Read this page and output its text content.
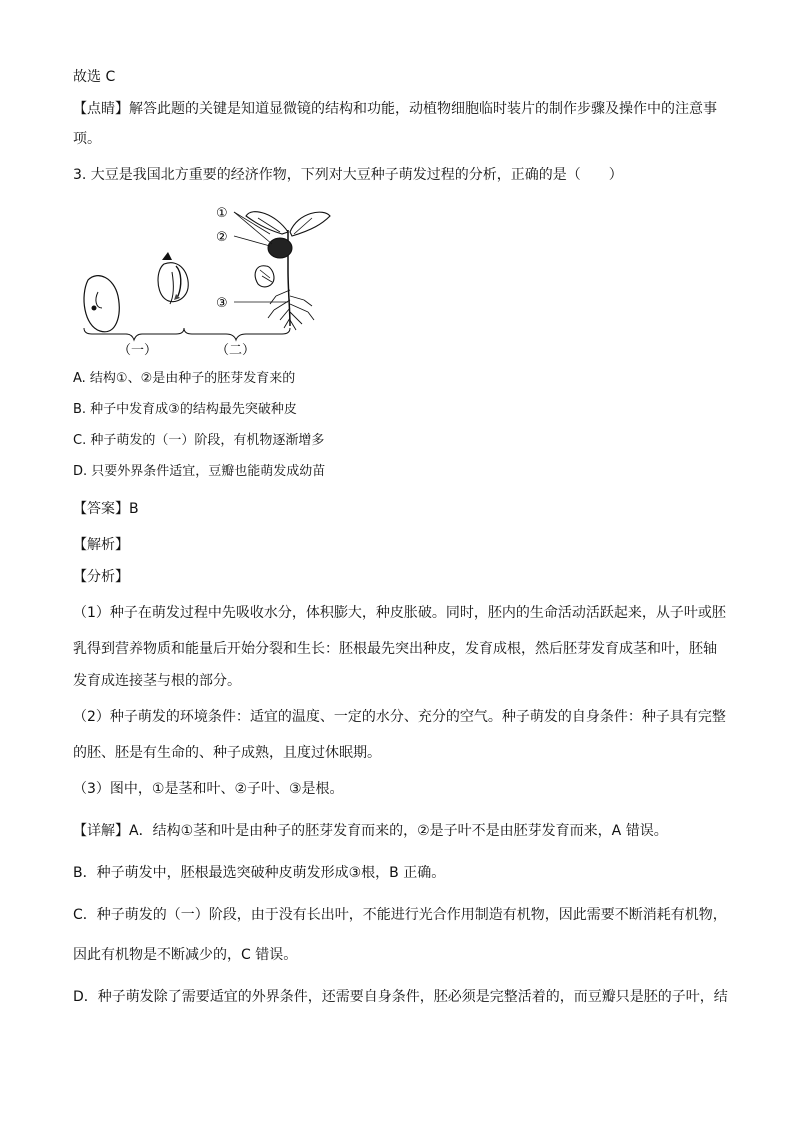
故选 C
【点睛】解答此题的关键是知道显微镜的结构和功能，动植物细胞临时装片的制作步骤及操作中的注意事
项。
3. 大豆是我国北方重要的经济作物，下列对大豆种子萌发过程的分析，正确的是（　　）
①
②
③
（一）	（二）
A. 结构①、②是由种子的胚芽发育来的
B. 种子中发育成③的结构最先突破种皮
C. 种子萌发的（一）阶段，有机物逐渐增多
D. 只要外界条件适宜，豆瓣也能萌发成幼苗
【答案】B
【解析】
【分析】
（1）种子在萌发过程中先吸收水分，体积膨大，种皮胀破。同时，胚内的生命活动活跃起来，从子叶或胚
乳得到营养物质和能量后开始分裂和生长：胚根最先突出种皮，发育成根，然后胚芽发育成茎和叶，胚轴
发育成连接茎与根的部分。
（2）种子萌发的环境条件：适宜的温度、一定的水分、充分的空气。种子萌发的自身条件：种子具有完整
的胚、胚是有生命的、种子成熟，且度过休眠期。
（3）图中，①是茎和叶、②子叶、③是根。
【详解】A．结构①茎和叶是由种子的胚芽发育而来的，②是子叶不是由胚芽发育而来，A 错误。
B．种子萌发中，胚根最选突破种皮萌发形成③根，B 正确。
C．种子萌发的（一）阶段，由于没有长出叶，不能进行光合作用制造有机物，因此需要不断消耗有机物，
因此有机物是不断减少的，C 错误。
D．种子萌发除了需要适宜的外界条件，还需要自身条件，胚必须是完整活着的，而豆瓣只是胚的子叶，结
